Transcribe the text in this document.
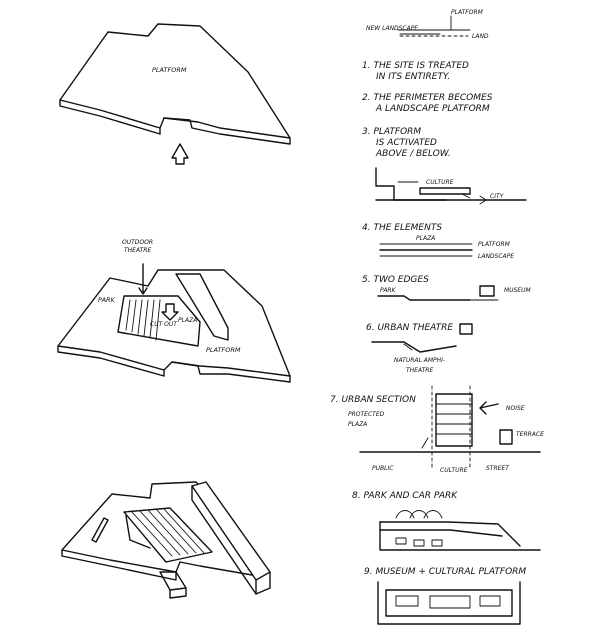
PLATFORM
OUTDOOR THEATRE
PARK
PLAZA
CUT OUT
PLATFORM
PLATFORM
NEW LANDSCAPE
LAND
1. THE SITE IS TREATED
IN ITS ENTIRETY.
2. THE PERIMETER BECOMES
A LANDSCAPE PLATFORM
3. PLATFORM
IS ACTIVATED
ABOVE / BELOW.
CULTURE
CITY
4. THE ELEMENTS
PLAZA
PLATFORM
LANDSCAPE
5. TWO EDGES
PARK	MUSEUM
6. URBAN THEATRE
NATURAL AMPHI-
THEATRE
7. URBAN SECTION
PROTECTED
PLAZA
NOISE
TERRACE
PUBLIC	CULTURE	STREET
8. PARK AND CAR PARK
9. MUSEUM + CULTURAL PLATFORM
